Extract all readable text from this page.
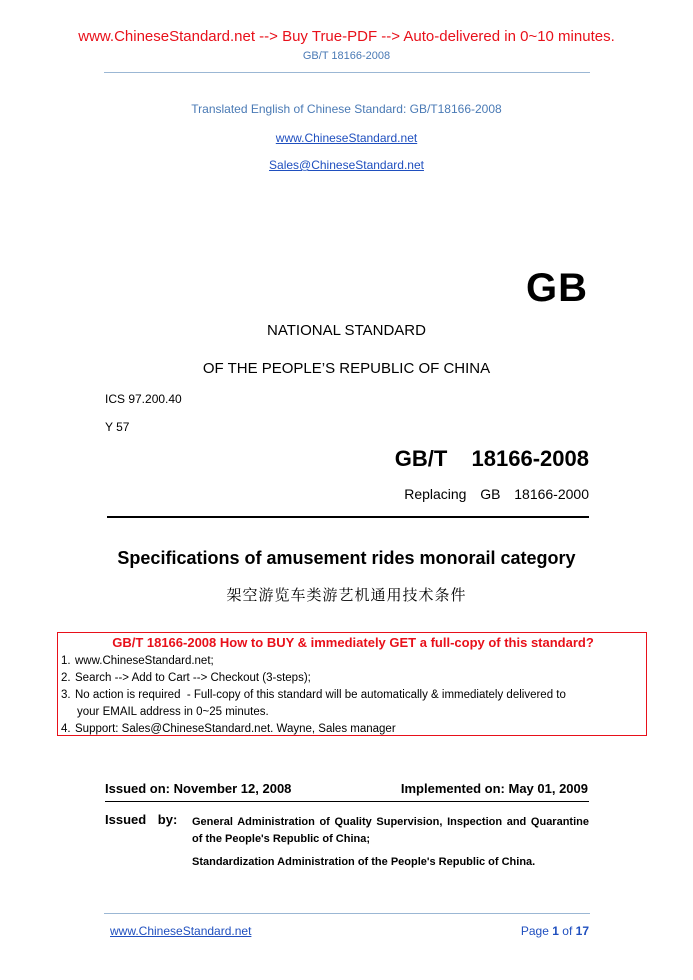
www.ChineseStandard.net --> Buy True-PDF --> Auto-delivered in 0~10 minutes.
GB/T 18166-2008
Translated English of Chinese Standard: GB/T18166-2008
www.ChineseStandard.net
Sales@ChineseStandard.net
GB
NATIONAL STANDARD
OF THE PEOPLE’S REPUBLIC OF CHINA
ICS 97.200.40
Y 57
GB/T  18166-2008
Replacing  GB  18166-2000
Specifications of amusement rides monorail category
架空游览车类游艺机通用技术条件
GB/T 18166-2008 How to BUY & immediately GET a full-copy of this standard?
1. www.ChineseStandard.net;
2. Search --> Add to Cart --> Checkout (3-steps);
3. No action is required  - Full-copy of this standard will be automatically & immediately delivered to
your EMAIL address in 0~25 minutes.
4. Support: Sales@ChineseStandard.net. Wayne, Sales manager
Issued on: November 12, 2008	Implemented on: May 01, 2009
Issued by: General Administration of Quality Supervision, Inspection and Quarantine of the People's Republic of China;
Standardization Administration of the People's Republic of China.
www.ChineseStandard.net	Page 1 of 17
